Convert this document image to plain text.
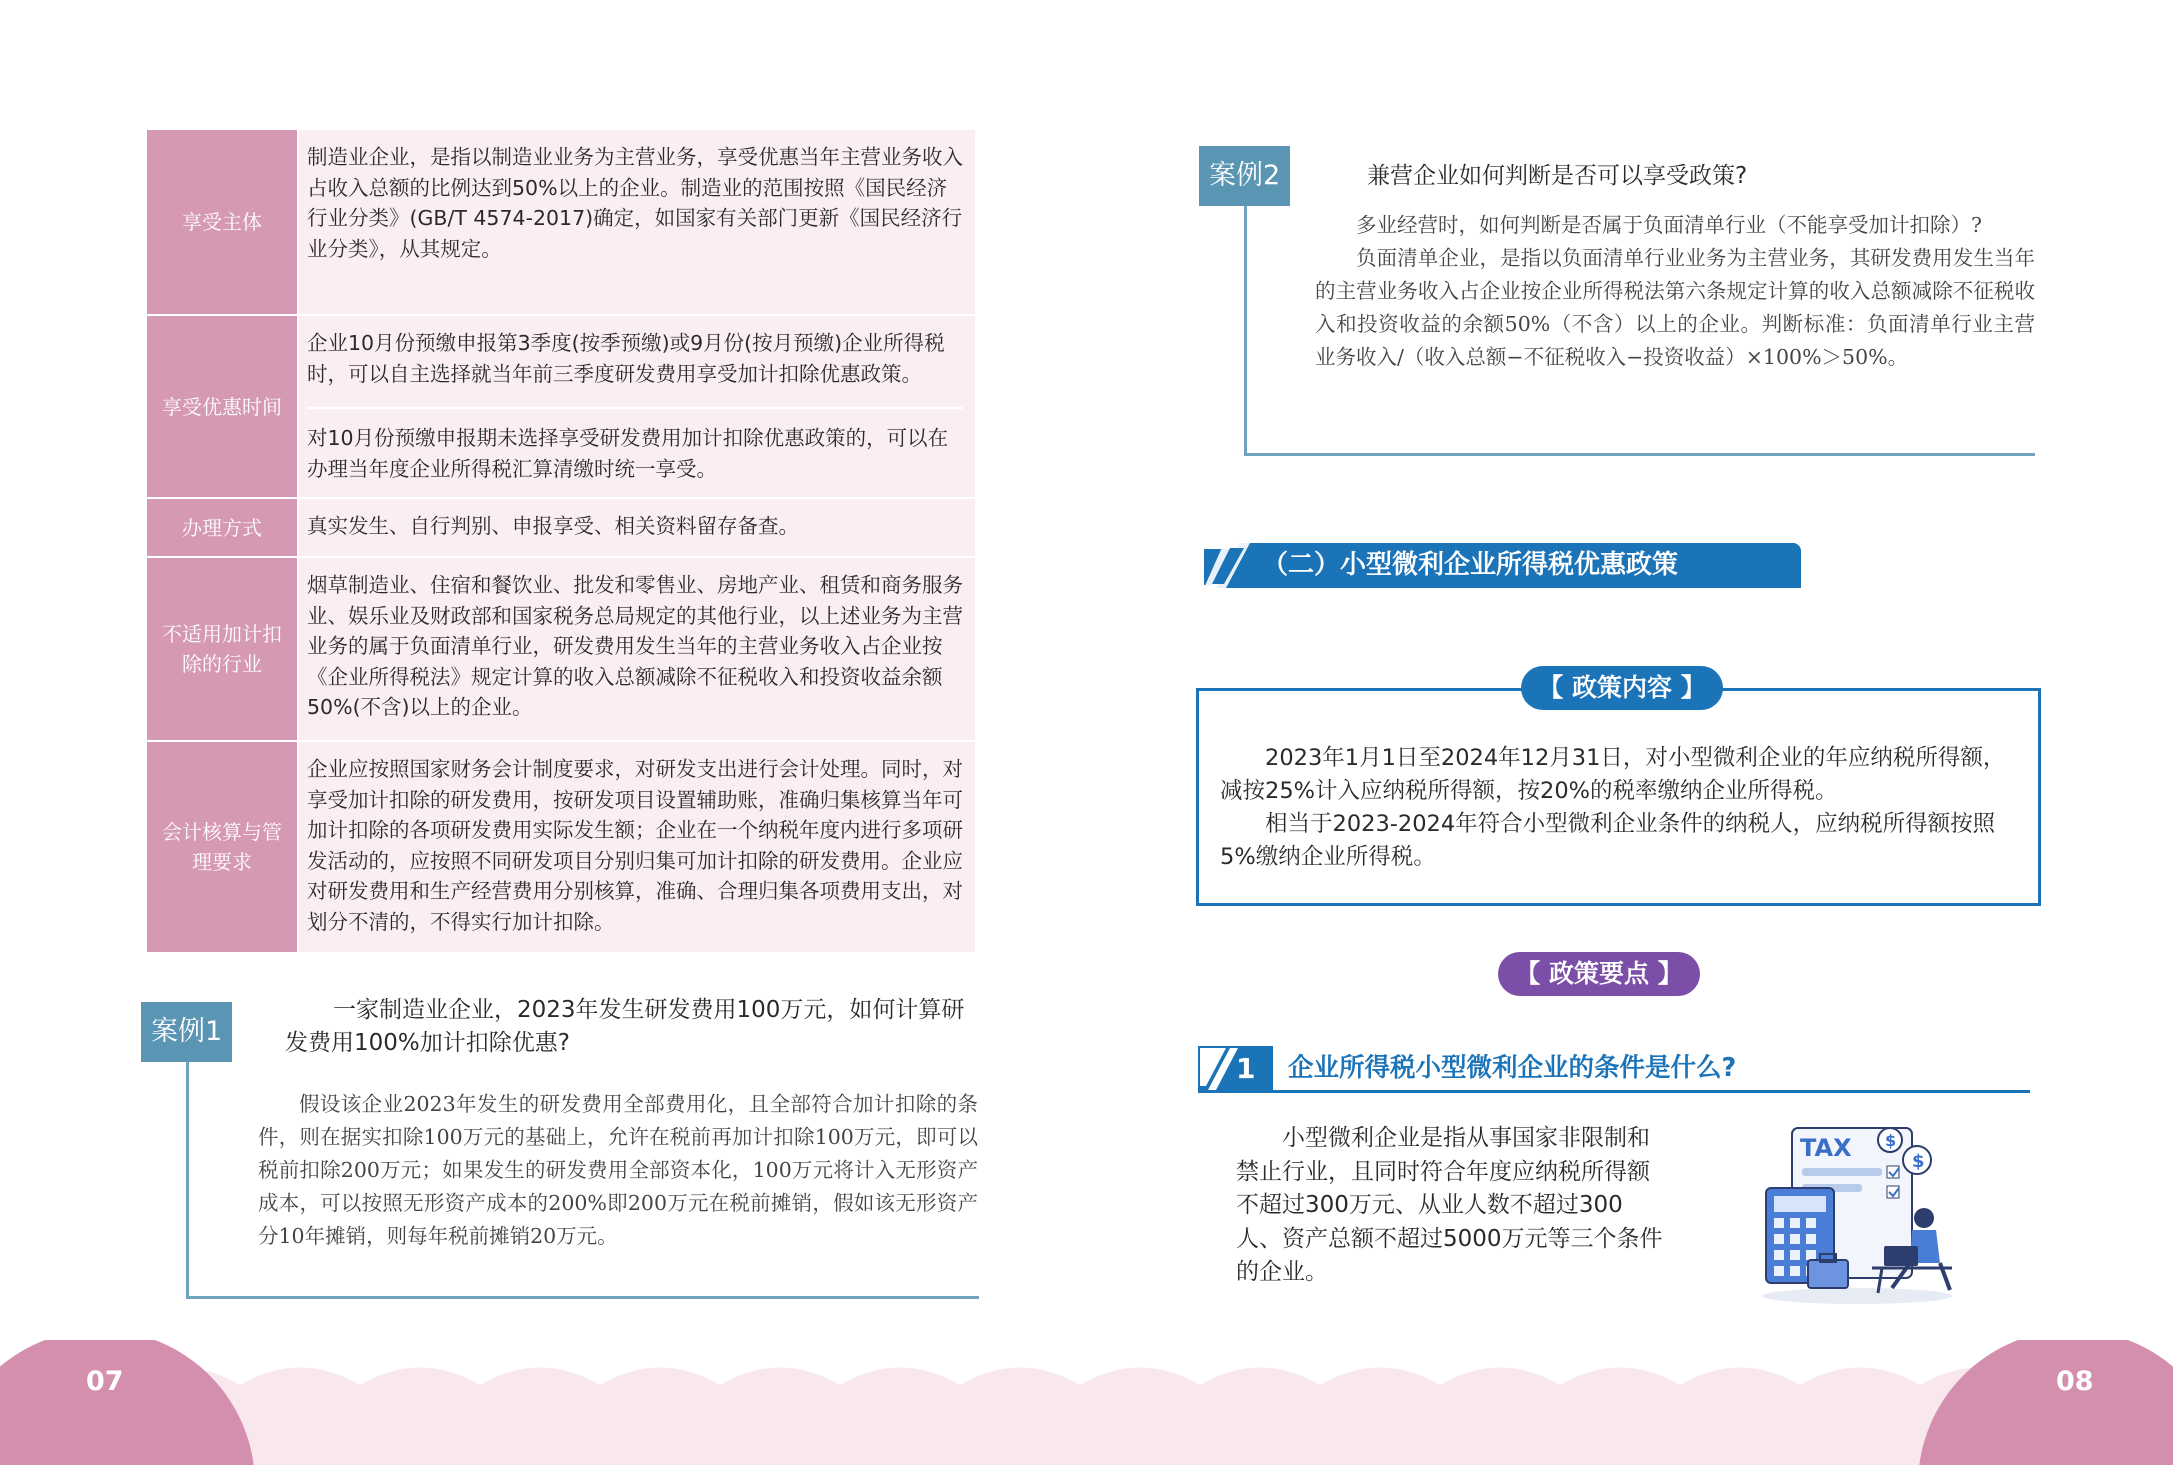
享受主体	制造业企业，是指以制造业业务为主营业务，享受优惠当年主营业务收入占收入总额的比例达到50%以上的企业。制造业的范围按照《国民经济行业分类》(GB/T 4574-2017)确定，如国家有关部门更新《国民经济行业分类》，从其规定。

享受优惠时间	企业10月份预缴申报第3季度(按季预缴)或9月份(按月预缴)企业所得税时，可以自主选择就当年前三季度研发费用享受加计扣除优惠政策。
对10月份预缴申报期未选择享受研发费用加计扣除优惠政策的，可以在办理当年度企业所得税汇算清缴时统一享受。

办理方式	真实发生、自行判别、申报享受、相关资料留存备查。

不适用加计扣除的行业	烟草制造业、住宿和餐饮业、批发和零售业、房地产业、租赁和商务服务业、娱乐业及财政部和国家税务总局规定的其他行业，以上述业务为主营业务的属于负面清单行业，研发费用发生当年的主营业务收入占企业按《企业所得税法》规定计算的收入总额减除不征税收入和投资收益余额50%(不含)以上的企业。

会计核算与管理要求	企业应按照国家财务会计制度要求，对研发支出进行会计处理。同时，对享受加计扣除的研发费用，按研发项目设置辅助账，准确归集核算当年可加计扣除的各项研发费用实际发生额；企业在一个纳税年度内进行多项研发活动的，应按照不同研发项目分别归集可加计扣除的研发费用。企业应对研发费用和生产经营费用分别核算，准确、合理归集各项费用支出，对划分不清的，不得实行加计扣除。
案例1
一家制造业企业，2023年发生研发费用100万元，如何计算研发费用100%加计扣除优惠?

假设该企业2023年发生的研发费用全部费用化，且全部符合加计扣除的条件，则在据实扣除100万元的基础上，允许在税前再加计扣除100万元，即可以税前扣除200万元；如果发生的研发费用全部资本化，100万元将计入无形资产成本，可以按照无形资产成本的200%即200万元在税前摊销，假如该无形资产分10年摊销，则每年税前摊销20万元。

案例2	兼营企业如何判断是否可以享受政策?

多业经营时，如何判断是否属于负面清单行业（不能享受加计扣除）?

负面清单企业，是指以负面清单行业业务为主营业务，其研发费用发生当年的主营业务收入占企业按企业所得税法第六条规定计算的收入总额减除不征税收入和投资收益的余额50%（不含）以上的企业。判断标准：负面清单行业主营业务收入/（收入总额−不征税收入−投资收益）×100%＞50%。

（二）小型微利企业所得税优惠政策
【 政策内容 】

2023年1月1日至2024年12月31日，对小型微利企业的年应纳税所得额，减按25%计入应纳税所得额，按20%的税率缴纳企业所得税。

相当于2023-2024年符合小型微利企业条件的纳税人，应纳税所得额按照5%缴纳企业所得税。

【 政策要点 】
1 企业所得税小型微利企业的条件是什么?

小型微利企业是指从事国家非限制和禁止行业，且同时符合年度应纳税所得额不超过300万元、从业人数不超过300人、资产总额不超过5000万元等三个条件的企业。

TAX $
$
07	08
